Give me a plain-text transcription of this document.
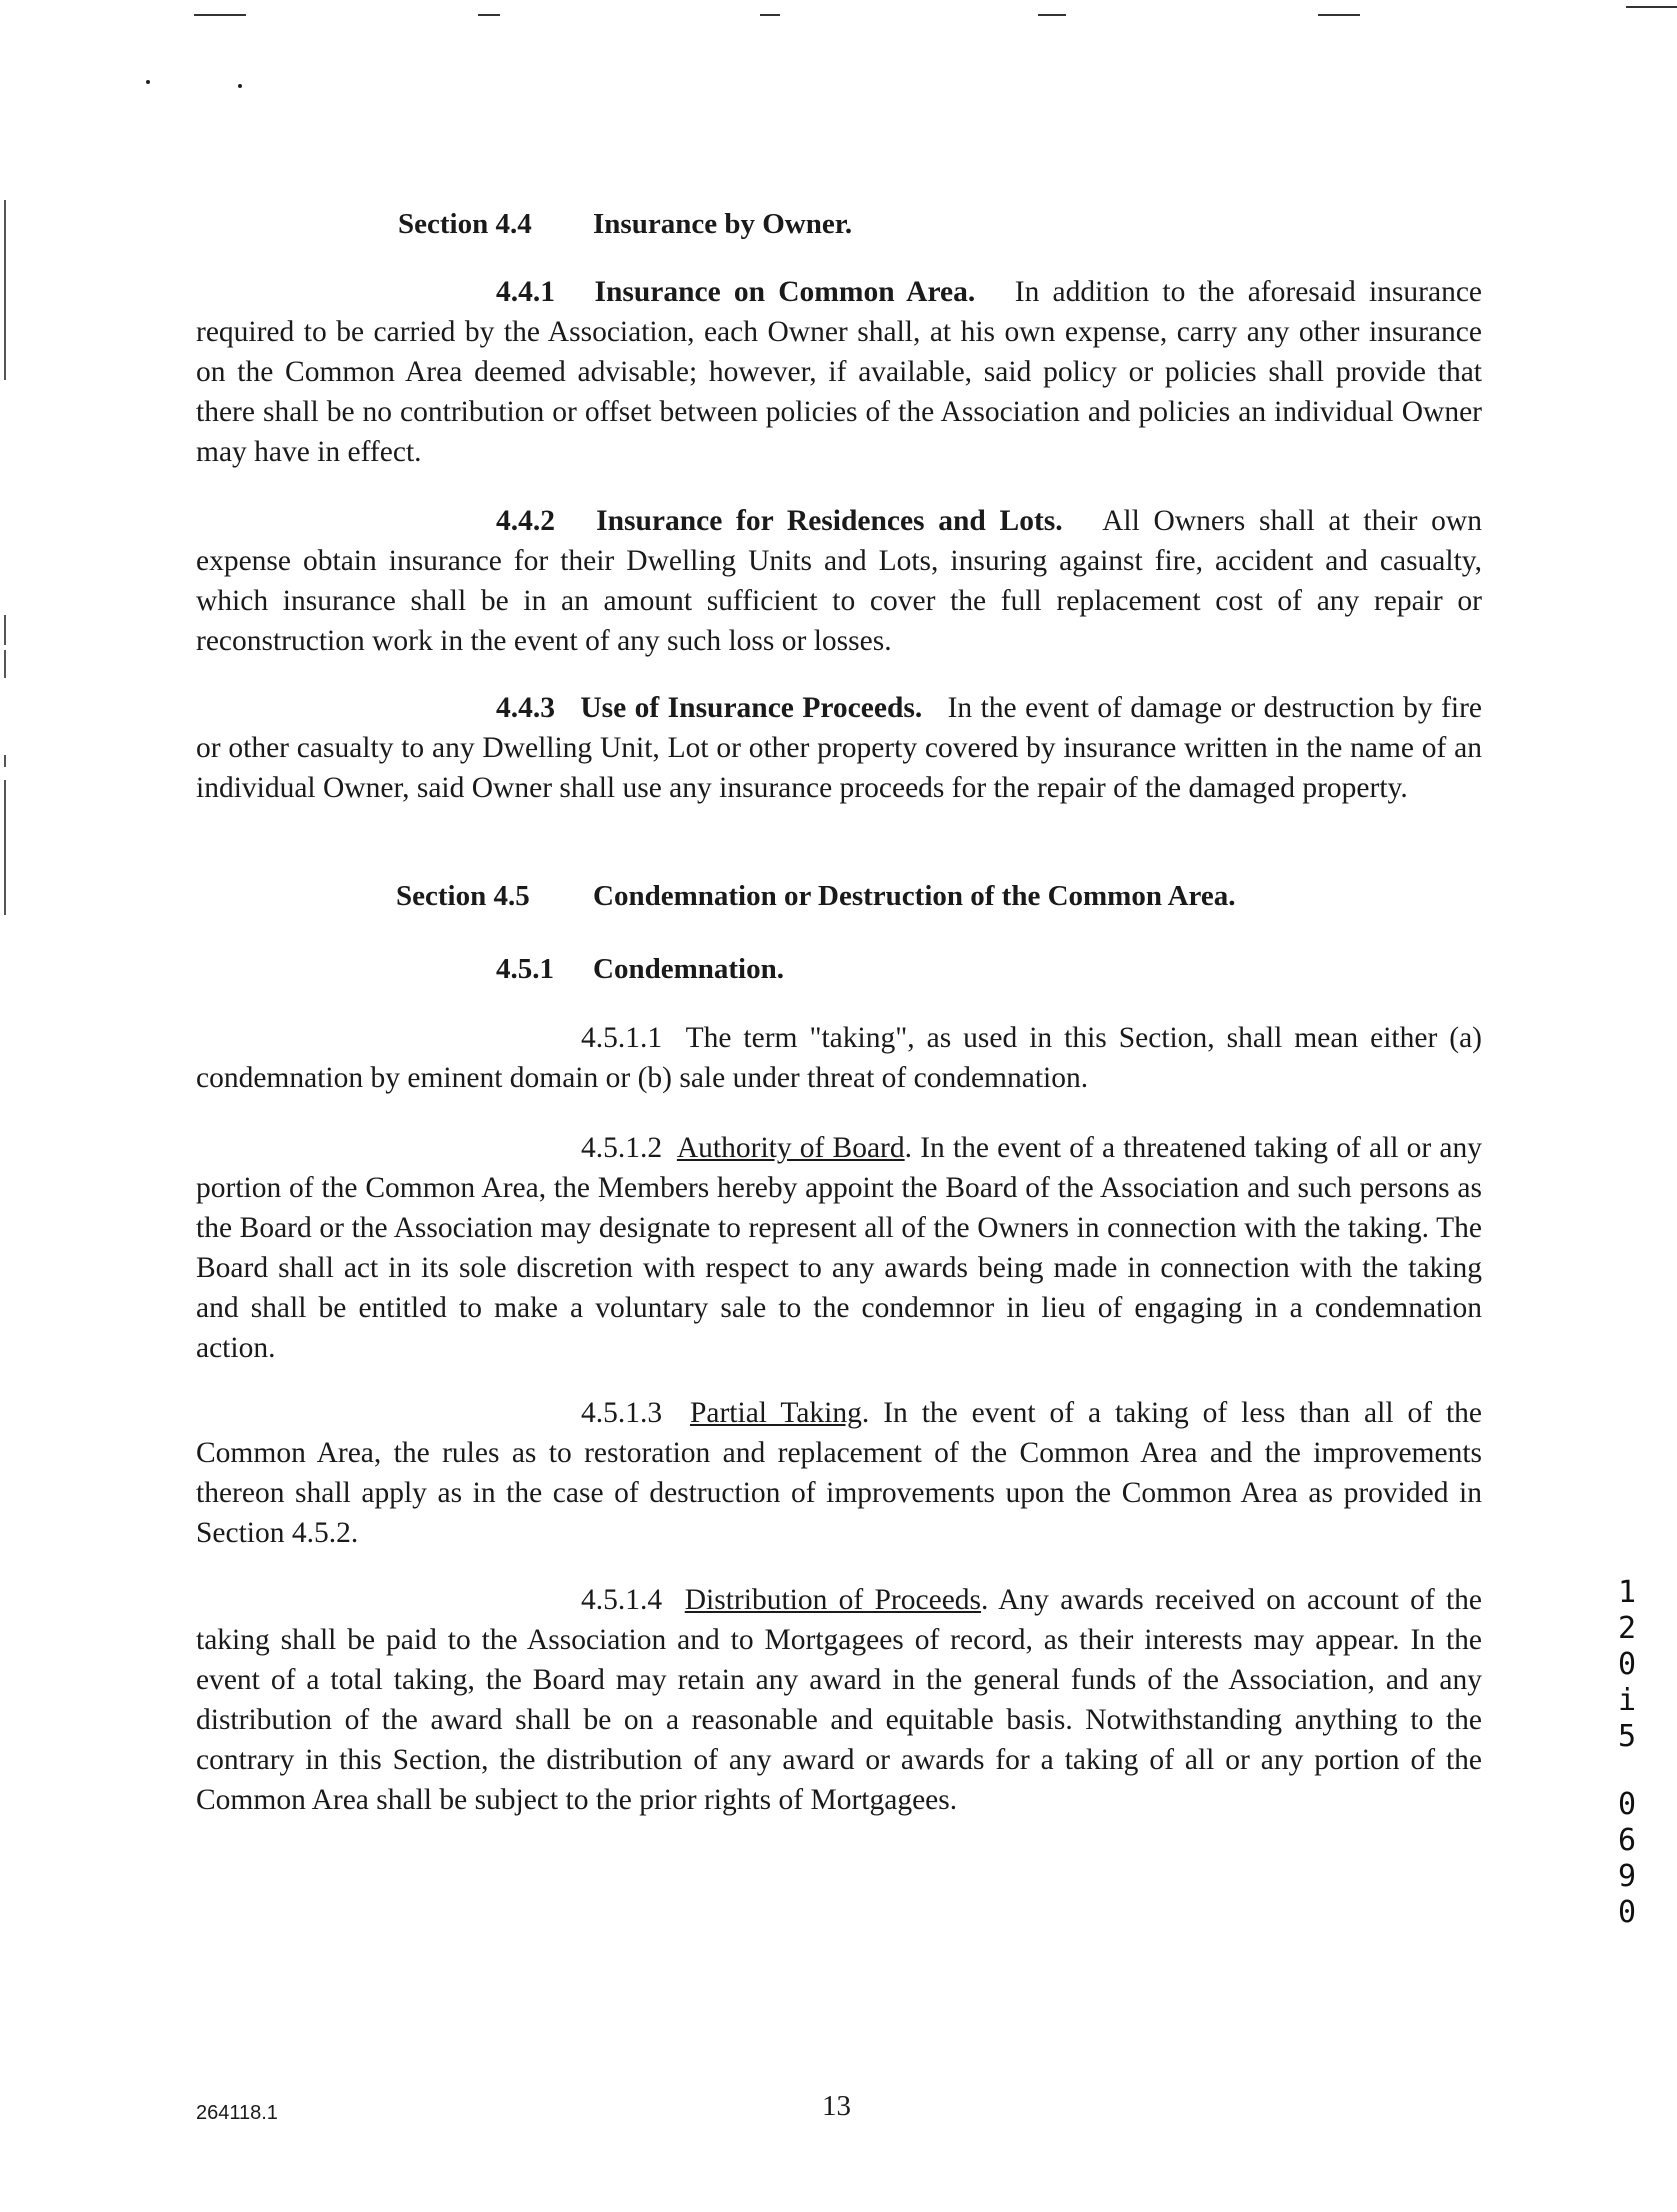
Section 4.4 Insurance by Owner.

4.4.1 Insurance on Common Area. In addition to the aforesaid insurance required to be carried by the Association, each Owner shall, at his own expense, carry any other insurance on the Common Area deemed advisable; however, if available, said policy or policies shall provide that there shall be no contribution or offset between policies of the Association and policies an individual Owner may have in effect.

4.4.2 Insurance for Residences and Lots. All Owners shall at their own expense obtain insurance for their Dwelling Units and Lots, insuring against fire, accident and casualty, which insurance shall be in an amount sufficient to cover the full replacement cost of any repair or reconstruction work in the event of any such loss or losses.

4.4.3 Use of Insurance Proceeds. In the event of damage or destruction by fire or other casualty to any Dwelling Unit, Lot or other property covered by insurance written in the name of an individual Owner, said Owner shall use any insurance proceeds for the repair of the damaged property.

Section 4.5 Condemnation or Destruction of the Common Area.
4.5.1 Condemnation.

4.5.1.1 The term "taking", as used in this Section, shall mean either (a) condemnation by eminent domain or (b) sale under threat of condemnation.

4.5.1.2 Authority of Board. In the event of a threatened taking of all or any portion of the Common Area, the Members hereby appoint the Board of the Association and such persons as the Board or the Association may designate to represent all of the Owners in connection with the taking. The Board shall act in its sole discretion with respect to any awards being made in connection with the taking and shall be entitled to make a voluntary sale to the condemnor in lieu of engaging in a condemnation action.

4.5.1.3 Partial Taking. In the event of a taking of less than all of the Common Area, the rules as to restoration and replacement of the Common Area and the improvements thereon shall apply as in the case of destruction of improvements upon the Common Area as provided in Section 4.5.2.

4.5.1.4 Distribution of Proceeds. Any awards received on account of the taking shall be paid to the Association and to Mortgagees of record, as their interests may appear. In the event of a total taking, the Board may retain any award in the general funds of the Association, and any distribution of the award shall be on a reasonable and equitable basis. Notwithstanding anything to the contrary in this Section, the distribution of any award or awards for a taking of all or any portion of the Common Area shall be subject to the prior rights of Mortgagees.

1
2
0
i
5
0
6
9
0
264118.1	13
